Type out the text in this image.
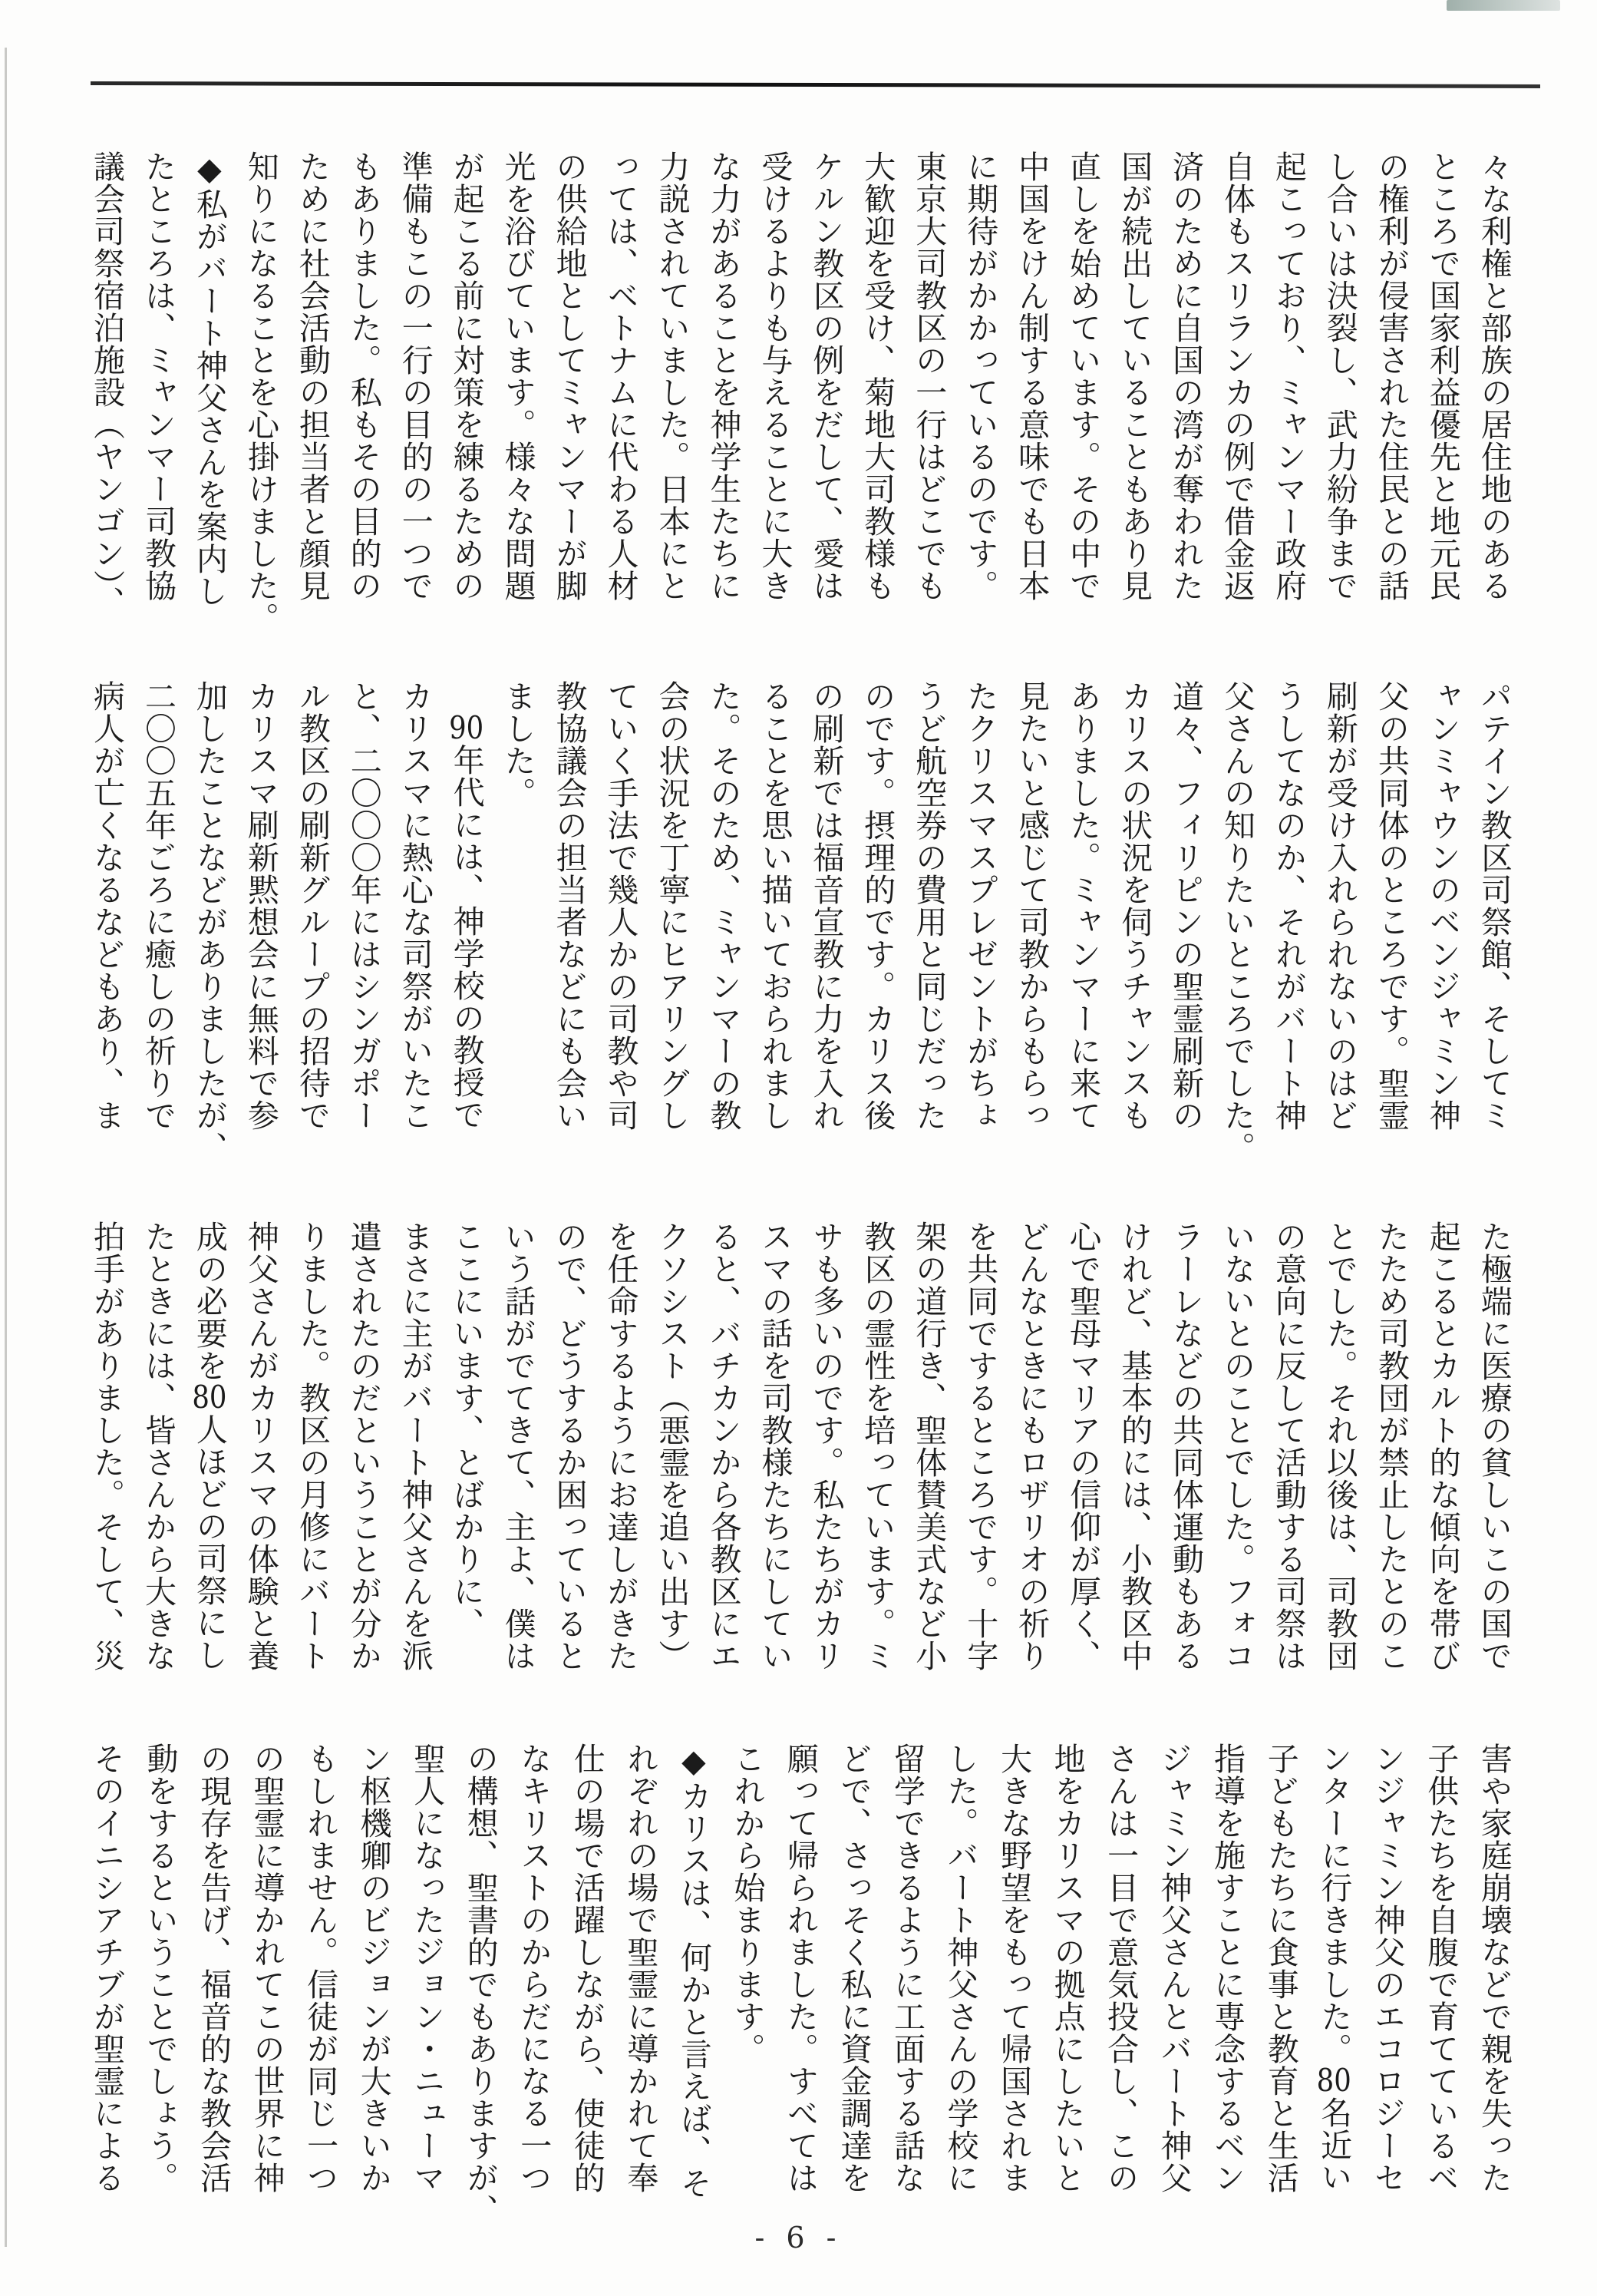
々な利権と部族の居住地のある
ところで国家利益優先と地元民
の権利が侵害された住民との話
し合いは決裂し、武力紛争まで
起こっており、ミャンマー政府
自体もスリランカの例で借金返
済のために自国の湾が奪われた
国が続出していることもあり見
直しを始めています。その中で
中国をけん制する意味でも日本
に期待がかかっているのです。
東京大司教区の一行はどこでも
大歓迎を受け、菊地大司教様も
ケルン教区の例をだして、愛は
受けるよりも与えることに大き
な力があることを神学生たちに
力説されていました。日本にと
っては、ベトナムに代わる人材
の供給地としてミャンマーが脚
光を浴びています。様々な問題
が起こる前に対策を練るための
準備もこの一行の目的の一つで
もありました。私もその目的の
ために社会活動の担当者と顔見
知りになることを心掛けました。
◆私がバート神父さんを案内し
たところは、ミャンマー司教協
議会司祭宿泊施設（ヤンゴン）、
パテイン教区司祭館、そしてミ
ャンミャウンのベンジャミン神
父の共同体のところです。聖霊
刷新が受け入れられないのはど
うしてなのか、それがバート神
父さんの知りたいところでした。
道々、フィリピンの聖霊刷新の
カリスの状況を伺うチャンスも
ありました。ミャンマーに来て
見たいと感じて司教からもらっ
たクリスマスプレゼントがちょ
うど航空券の費用と同じだった
のです。摂理的です。カリス後
の刷新では福音宣教に力を入れ
ることを思い描いておられまし
た。そのため、ミャンマーの教
会の状況を丁寧にヒアリングし
ていく手法で幾人かの司教や司
教協議会の担当者などにも会い
ました。
　90年代には、神学校の教授で
カリスマに熱心な司祭がいたこ
と、二〇〇〇年にはシンガポー
ル教区の刷新グループの招待で
カリスマ刷新黙想会に無料で参
加したことなどがありましたが、
二〇〇五年ごろに癒しの祈りで
病人が亡くなるなどもあり、ま
た極端に医療の貧しいこの国で
起こるとカルト的な傾向を帯び
たため司教団が禁止したとのこ
とでした。それ以後は、司教団
の意向に反して活動する司祭は
いないとのことでした。フォコ
ラーレなどの共同体運動もある
けれど、基本的には、小教区中
心で聖母マリアの信仰が厚く、
どんなときにもロザリオの祈り
を共同でするところです。十字
架の道行き、聖体賛美式など小
教区の霊性を培っています。ミ
サも多いのです。私たちがカリ
スマの話を司教様たちにしてい
ると、バチカンから各教区にエ
クソシスト（悪霊を追い出す）
を任命するようにお達しがきた
ので、どうするか困っていると
いう話がでてきて、主よ、僕は
ここにいます、とばかりに、
まさに主がバート神父さんを派
遣されたのだということが分か
りました。教区の月修にバート
神父さんがカリスマの体験と養
成の必要を80人ほどの司祭にし
たときには、皆さんから大きな
拍手がありました。そして、災
害や家庭崩壊などで親を失った
子供たちを自腹で育てているベ
ンジャミン神父のエコロジーセ
ンターに行きました。80名近い
子どもたちに食事と教育と生活
指導を施すことに専念するベン
ジャミン神父さんとバート神父
さんは一目で意気投合し、この
地をカリスマの拠点にしたいと
大きな野望をもって帰国されま
した。バート神父さんの学校に
留学できるように工面する話な
どで、さっそく私に資金調達を
願って帰られました。すべては
これから始まります。
◆カリスは、何かと言えば、そ
れぞれの場で聖霊に導かれて奉
仕の場で活躍しながら、使徒的
なキリストのからだになる一つ
の構想、聖書的でもありますが、
聖人になったジョン・ニューマ
ン枢機卿のビジョンが大きいか
もしれません。信徒が同じ一つ
の聖霊に導かれてこの世界に神
の現存を告げ、福音的な教会活
動をするということでしょう。
そのイニシアチブが聖霊による
- 6 -
